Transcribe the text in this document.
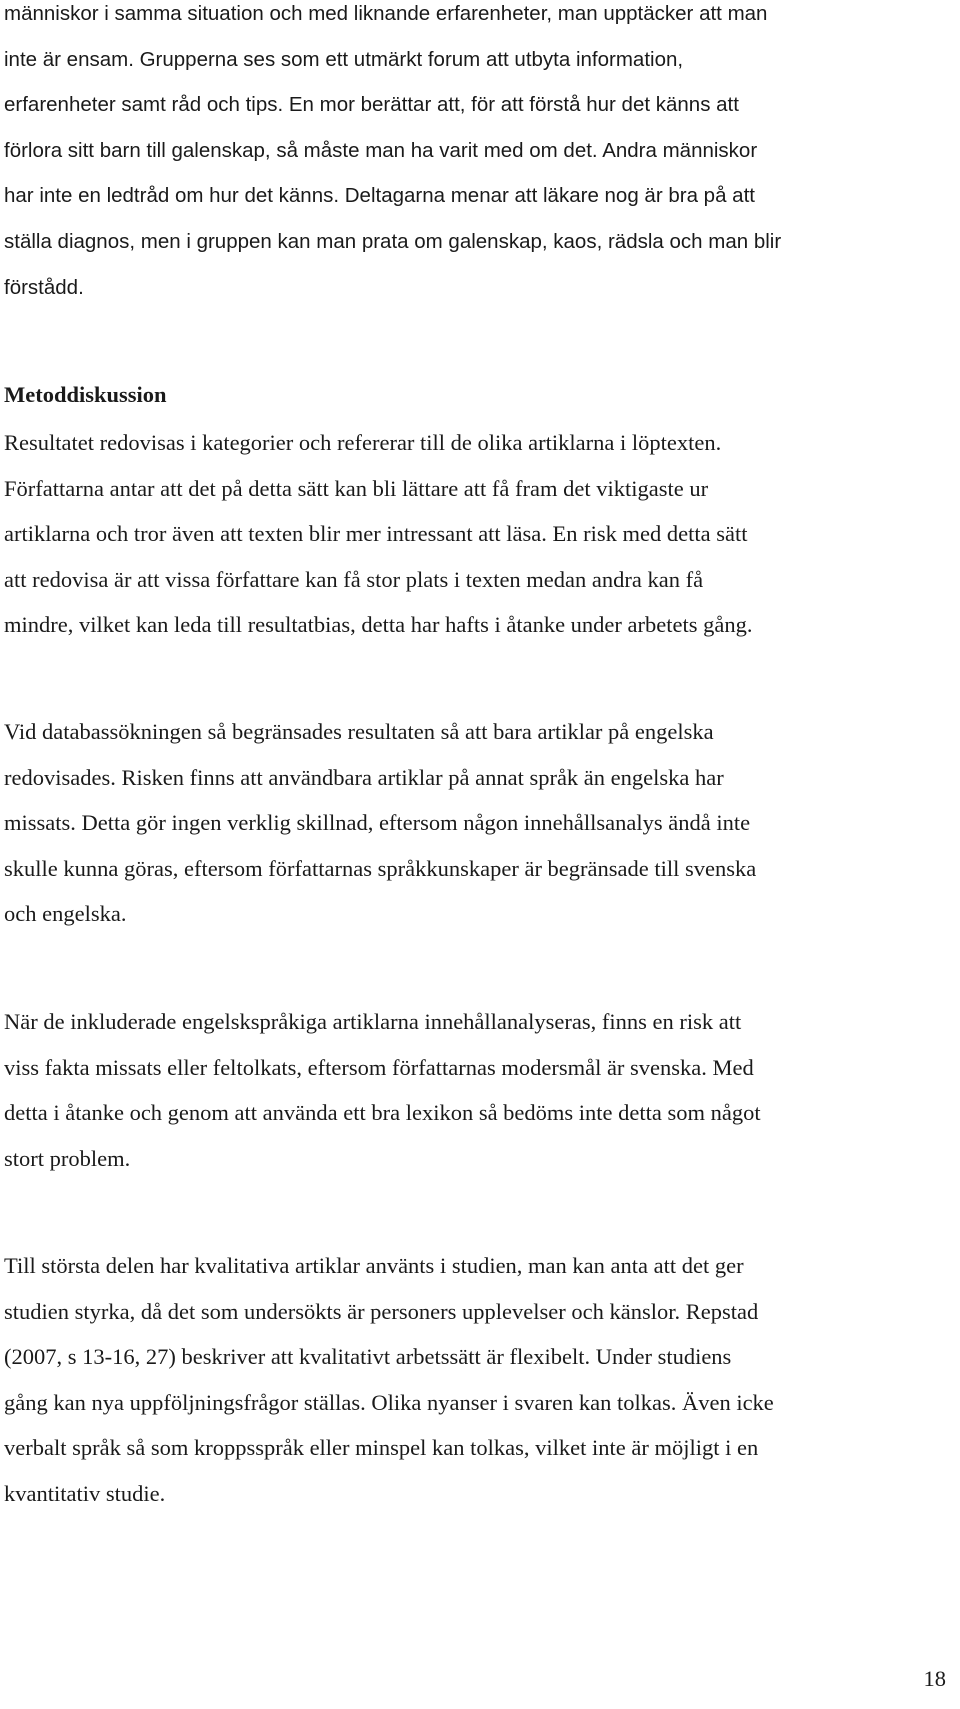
människor i samma situation och med liknande erfarenheter, man upptäcker att man
inte är ensam. Grupperna ses som ett utmärkt forum att utbyta information,
erfarenheter samt råd och tips. En mor berättar att, för att förstå hur det känns att
förlora sitt barn till galenskap, så måste man ha varit med om det. Andra människor
har inte en ledtråd om hur det känns. Deltagarna menar att läkare nog är bra på att
ställa diagnos, men i gruppen kan man prata om galenskap, kaos, rädsla och man blir
förstådd.

Metoddiskussion

Resultatet redovisas i kategorier och refererar till de olika artiklarna i löptexten.
Författarna antar att det på detta sätt kan bli lättare att få fram det viktigaste ur
artiklarna och tror även att texten blir mer intressant att läsa. En risk med detta sätt
att redovisa är att vissa författare kan få stor plats i texten medan andra kan få
mindre, vilket kan leda till resultatbias, detta har hafts i åtanke under arbetets gång.

Vid databassökningen så begränsades resultaten så att bara artiklar på engelska
redovisades. Risken finns att användbara artiklar på annat språk än engelska har
missats. Detta gör ingen verklig skillnad, eftersom någon innehållsanalys ändå inte
skulle kunna göras, eftersom författarnas språkkunskaper är begränsade till svenska
och engelska.

När de inkluderade engelskspråkiga artiklarna innehållanalyseras, finns en risk att
viss fakta missats eller feltolkats, eftersom författarnas modersmål är svenska. Med
detta i åtanke och genom att använda ett bra lexikon så bedöms inte detta som något
stort problem.

Till största delen har kvalitativa artiklar använts i studien, man kan anta att det ger
studien styrka, då det som undersökts är personers upplevelser och känslor. Repstad
(2007, s 13-16, 27) beskriver att kvalitativt arbetssätt är flexibelt. Under studiens
gång kan nya uppföljningsfrågor ställas. Olika nyanser i svaren kan tolkas. Även icke
verbalt språk så som kroppsspråk eller minspel kan tolkas, vilket inte är möjligt i en
kvantitativ studie.

18
